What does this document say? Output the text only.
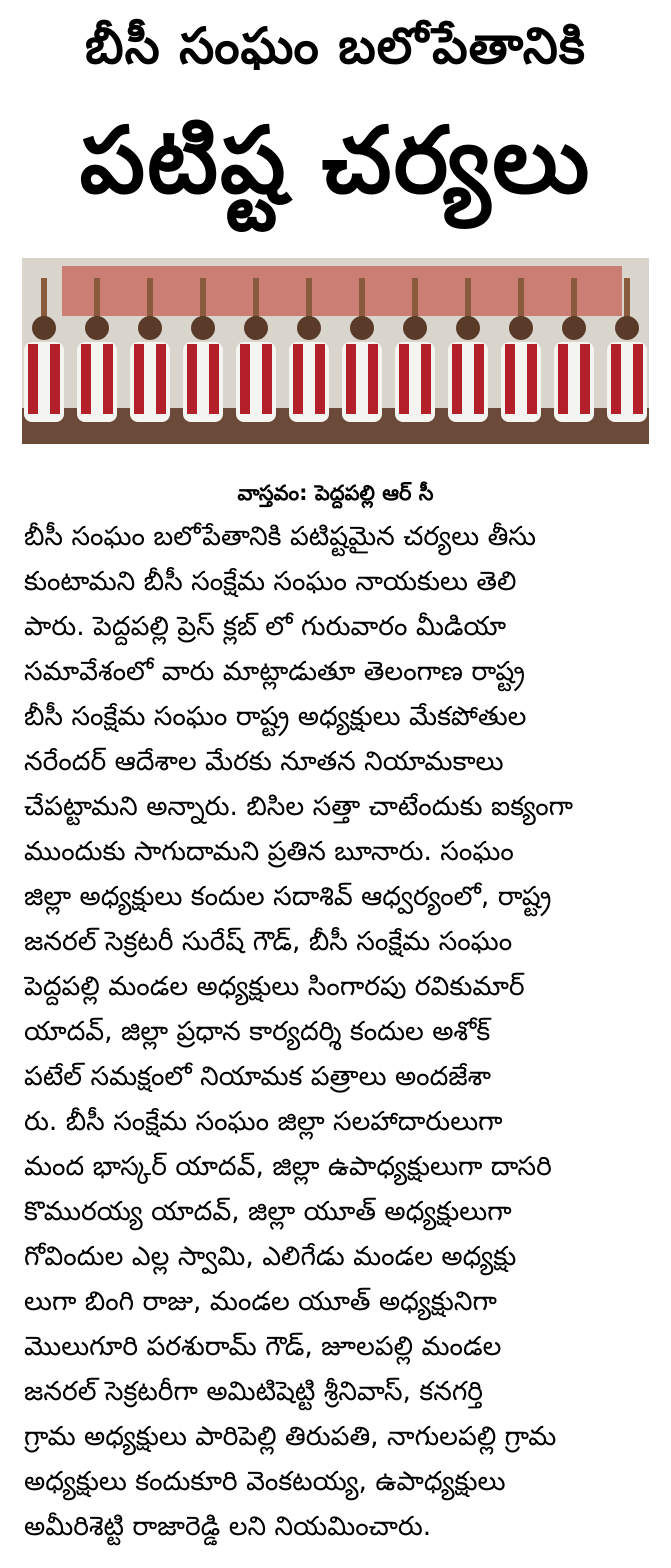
బీసీ సంఘం బలోపేతానికి
పటిష్ట చర్యలు
వాస్తవం: పెద్దపల్లి ఆర్ సీ
బీసీ సంఘం బలోపేతానికి పటిష్టమైన చర్యలు తీసు
కుంటామని బీసీ సంక్షేమ సంఘం నాయకులు తెలి
పారు. పెద్దపల్లి ప్రెస్ క్లబ్ లో గురువారం మీడియా
సమావేశంలో వారు మాట్లాడుతూ తెలంగాణ రాష్ట్ర
బీసీ సంక్షేమ సంఘం రాష్ట్ర అధ్యక్షులు మేకపోతుల
నరేందర్ ఆదేశాల మేరకు నూతన నియామకాలు
చేపట్టామని అన్నారు. బిసిల సత్తా చాటేందుకు ఐక్యంగా
ముందుకు సాగుదామని ప్రతిన బూనారు. సంఘం
జిల్లా అధ్యక్షులు కందుల సదాశివ్ ఆధ్వర్యంలో, రాష్ట్ర
జనరల్ సెక్రటరీ సురేష్ గౌడ్, బీసీ సంక్షేమ సంఘం
పెద్దపల్లి మండల అధ్యక్షులు సింగారపు రవికుమార్
యాదవ్, జిల్లా ప్రధాన కార్యదర్శి కందుల అశోక్
పటేల్ సమక్షంలో నియామక పత్రాలు అందజేశా
రు. బీసీ సంక్షేమ సంఘం జిల్లా సలహాదారులుగా
మంద భాస్కర్ యాదవ్, జిల్లా ఉపాధ్యక్షులుగా దాసరి
కొమురయ్య యాదవ్, జిల్లా యూత్ అధ్యక్షులుగా
గోవిందుల ఎల్ల స్వామి, ఎలిగేడు మండల అధ్యక్షు
లుగా బింగి రాజు, మండల యూత్ అధ్యక్షునిగా
మొలుగూరి పరశురామ్ గౌడ్, జూలపల్లి మండల
జనరల్ సెక్రటరీగా అమిటిషెట్టి శ్రీనివాస్, కనగర్తి
గ్రామ అధ్యక్షులు పారిపెల్లి తిరుపతి, నాగులపల్లి గ్రామ
అధ్యక్షులు కందుకూరి వెంకటయ్య, ఉపాధ్యక్షులు
అమీరిశెట్టి రాజారెడ్డి లని నియమించారు.
